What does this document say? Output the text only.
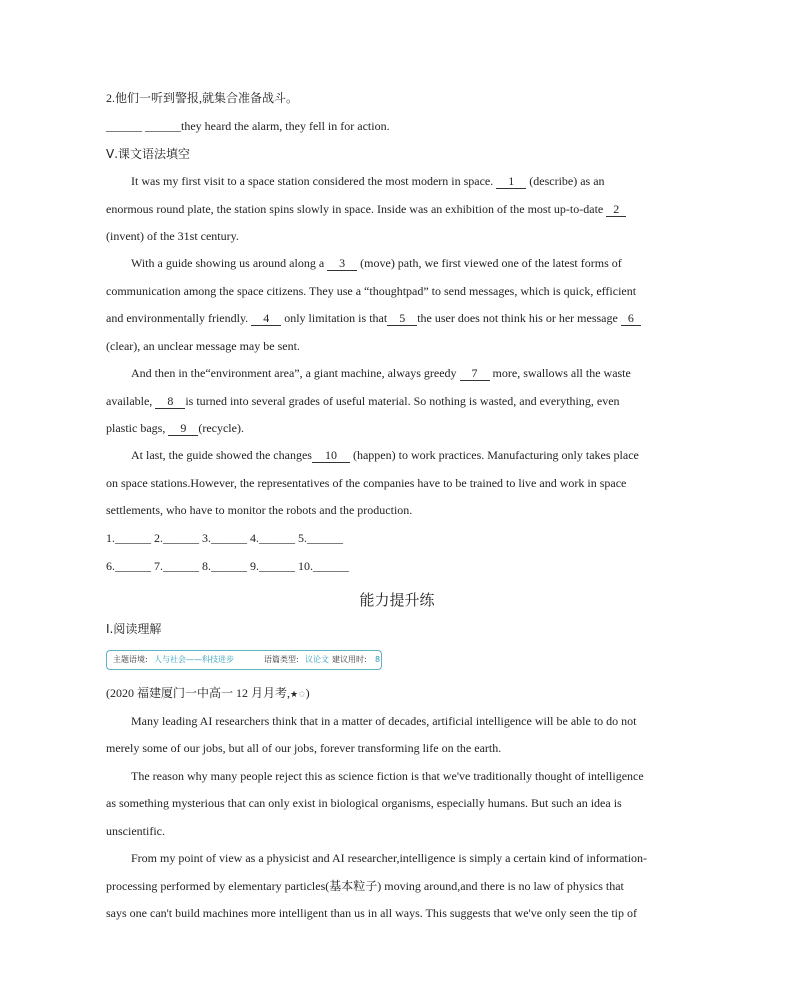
2.他们一听到警报,就集合准备战斗。
______ ______they heard the alarm, they fell in for action.
Ⅴ.课文语法填空
It was my first visit to a space station considered the most modern in space. 1 (describe) as an
enormous round plate, the station spins slowly in space. Inside was an exhibition of the most up-to-date 2
(invent) of the 31st century.
With a guide showing us around along a 3 (move) path, we first viewed one of the latest forms of
communication among the space citizens. They use a “thoughtpad” to send messages, which is quick, efficient
and environmentally friendly. 4 only limitation is that 5 the user does not think his or her message 6
(clear), an unclear message may be sent.
And then in the“environment area”, a giant machine, always greedy 7 more, swallows all the waste
available, 8 is turned into several grades of useful material. So nothing is wasted, and everything, even
plastic bags, 9 (recycle).
At last, the guide showed the changes 10 (happen) to work practices. Manufacturing only takes place
on space stations.However, the representatives of the companies have to be trained to live and work in space
settlements, who have to monitor the robots and the production.
1.______ 2.______ 3.______ 4.______ 5.______
6.______ 7.______ 8.______ 9.______ 10.______
能力提升练
Ⅰ.阅读理解
主题语境: 人与社会——科技进步	语篇类型: 议论文 建议用时: 8
(2020 福建厦门一中高一 12 月月考,★✩)
Many leading AI researchers think that in a matter of decades, artificial intelligence will be able to do not
merely some of our jobs, but all of our jobs, forever transforming life on the earth.
The reason why many people reject this as science fiction is that we've traditionally thought of intelligence
as something mysterious that can only exist in biological organisms, especially humans. But such an idea is
unscientific.
From my point of view as a physicist and AI researcher,intelligence is simply a certain kind of information-
processing performed by elementary particles(基本粒子) moving around,and there is no law of physics that
says one can't build machines more intelligent than us in all ways. This suggests that we've only seen the tip of
